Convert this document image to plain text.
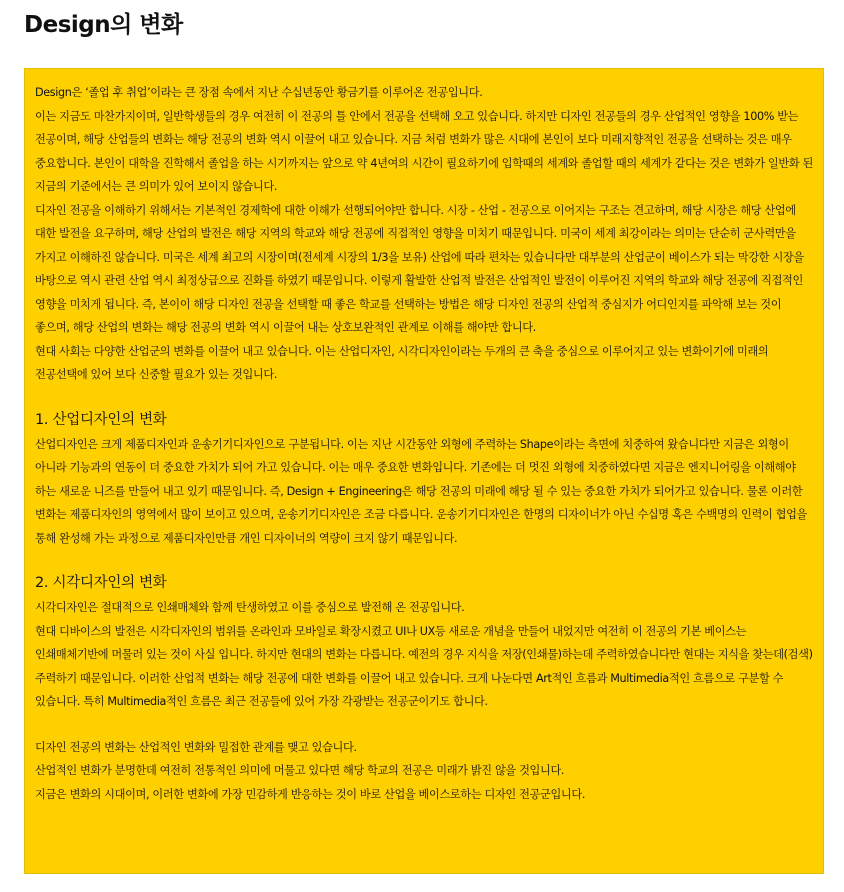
Design의 변화

Design은 ‘졸업 후 취업’이라는 큰 장점 속에서 지난 수십년동안 황금기를 이루어온 전공입니다.

이는 지금도 마찬가지이며, 일반학생들의 경우 여전히 이 전공의 틀 안에서 전공을 선택해 오고 있습니다. 하지만 디자인 전공들의 경우 산업적인 영향을 100% 받는 전공이며, 해당 산업들의 변화는 해당 전공의 변화 역시 이끌어 내고 있습니다. 지금 처럼 변화가 많은 시대에 본인이 보다 미래지향적인 전공을 선택하는 것은 매우 중요합니다. 본인이 대학을 진학해서 졸업을 하는 시기까지는 앞으로 약 4년여의 시간이 필요하기에 입학때의 세계와 졸업할 때의 세계가 같다는 것은 변화가 일반화 된 지금의 기준에서는 큰 의미가 있어 보이지 않습니다.

디자인 전공을 이해하기 위해서는 기본적인 경제학에 대한 이해가 선행되어야만 합니다. 시장 - 산업 - 전공으로 이어지는 구조는 견고하며, 해당 시장은 해당 산업에 대한 발전을 요구하며, 해당 산업의 발전은 해당 지역의 학교와 해당 전공에 직접적인 영향을 미치기 때문입니다. 미국이 세계 최강이라는 의미는 단순히 군사력만을 가지고 이해하진 않습니다. 미국은 세계 최고의 시장이며(전세계 시장의 1/3을 보유) 산업에 따라 편차는 있습니다만 대부분의 산업군이 베이스가 되는 막강한 시장을 바탕으로 역시 관련 산업 역시 최정상급으로 진화를 하였기 때문입니다. 이렇게 활발한 산업적 발전은 산업적인 발전이 이루어진 지역의 학교와 해당 전공에 직접적인 영향을 미치게 됩니다. 즉, 본이이 해당 디자인 전공을 선택할 때 좋은 학교를 선택하는 방법은 해당 디자인 전공의 산업적 중심지가 어디인지를 파악해 보는 것이 좋으며, 해당 산업의 변화는 해당 전공의 변화 역시 이끌어 내는 상호보완적인 관계로 이해를 해야만 합니다.

현대 사회는 다양한 산업군의 변화를 이끌어 내고 있습니다. 이는 산업디자인, 시각디자인이라는 두개의 큰 축을 중심으로 이루어지고 있는 변화이기에 미래의 전공선택에 있어 보다 신중할 필요가 있는 것입니다.

1. 산업디자인의 변화

산업디자인은 크게 제품디자인과 운송기기디자인으로 구분됩니다. 이는 지난 시간동안 외형에 주력하는 Shape이라는 측면에 치중하여 왔습니다만 지금은 외형이 아니라 기능과의 연동이 더 중요한 가치가 되어 가고 있습니다. 이는 매우 중요한 변화입니다. 기존에는 더 멋진 외형에 치중하였다면 지금은 엔지니어링을 이해해야 하는 새로운 니즈를 만들어 내고 있기 때문입니다. 즉, Design + Engineering은 해당 전공의 미래에 해당 될 수 있는 중요한 가치가 되어가고 있습니다. 물론 이러한 변화는 제품디자인의 영역에서 많이 보이고 있으며, 운송기기디자인은 조금 다릅니다. 운송기기디자인은 한명의 디자이너가 아닌 수십명 혹은 수백명의 인력이 협업을 통해 완성해 가는 과정으로 제품디자인만큼 개인 디자이너의 역량이 크지 않기 때문입니다.

2. 시각디자인의 변화

시각디자인은 절대적으로 인쇄매체와 함께 탄생하였고 이를 중심으로 발전해 온 전공입니다.

현대 디바이스의 발전은 시각디자인의 범위를 온라인과 모바일로 확장시켰고 UI나 UX등 새로운 개념을 만들어 내었지만 여전히 이 전공의 기본 베이스는 인쇄매체기반에 머물러 있는 것이 사실 입니다. 하지만 현대의 변화는 다릅니다. 예전의 경우 지식을 저장(인쇄물)하는데 주력하였습니다만 현대는 지식을 찾는데(검색) 주력하기 때문입니다. 이러한 산업적 변화는 해당 전공에 대한 변화를 이끌어 내고 있습니다. 크게 나눈다면 Art적인 흐름과 Multimedia적인 흐름으로 구분할 수 있습니다. 특히 Multimedia적인 흐름은 최근 전공들에 있어 가장 각광받는 전공군이기도 합니다.

디자인 전공의 변화는 산업적인 변화와 밀접한 관계를 맺고 있습니다.

산업적인 변화가 분명한데 여전히 전통적인 의미에 머물고 있다면 해당 학교의 전공은 미래가 밝진 않을 것입니다.

지금은 변화의 시대이며, 이러한 변화에 가장 민감하게 반응하는 것이 바로 산업을 베이스로하는 디자인 전공군입니다.
